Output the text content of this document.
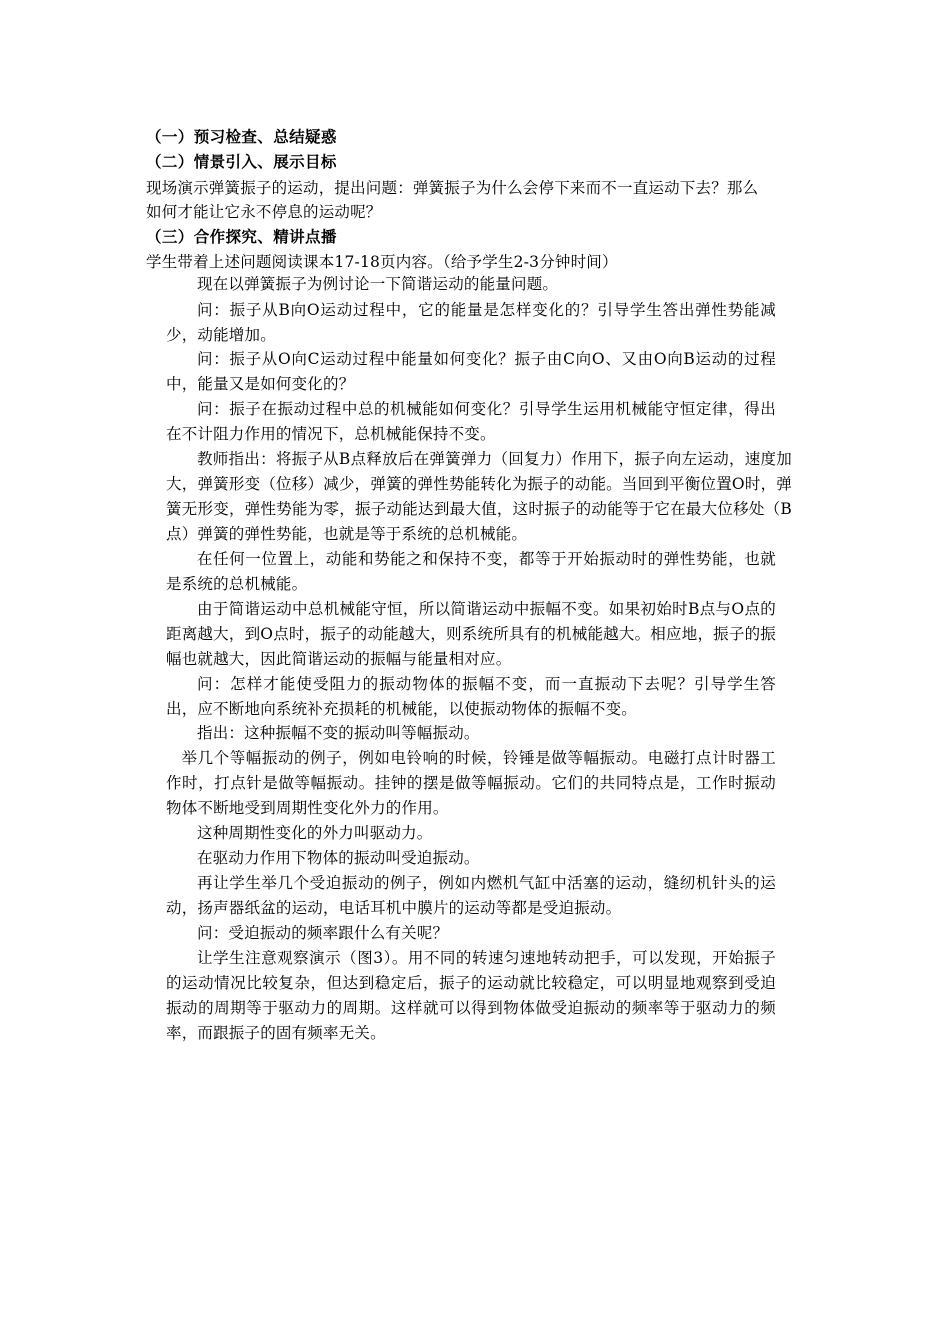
（一）预习检查、总结疑惑
（二）情景引入、展示目标
现场演示弹簧振子的运动，提出问题：弹簧振子为什么会停下来而不一直运动下去？那么
如何才能让它永不停息的运动呢？
（三）合作探究、精讲点播
学生带着上述问题阅读课本17-18页内容。（给予学生2-3分钟时间）
现在以弹簧振子为例讨论一下简谐运动的能量问题。
问：振子从B向O运动过程中，它的能量是怎样变化的？引导学生答出弹性势能减少，动能增加。
问：振子从O向C运动过程中能量如何变化？振子由C向O、又由O向B运动的过程中，能量又是如何变化的？
问：振子在振动过程中总的机械能如何变化？引导学生运用机械能守恒定律，得出在不计阻力作用的情况下，总机械能保持不变。
教师指出：将振子从B点释放后在弹簧弹力（回复力）作用下，振子向左运动，速度加大，弹簧形变（位移）减少，弹簧的弹性势能转化为振子的动能。当回到平衡位置O时，弹簧无形变，弹性势能为零，振子动能达到最大值，这时振子的动能等于它在最大位移处（B点）弹簧的弹性势能，也就是等于系统的总机械能。
在任何一位置上，动能和势能之和保持不变，都等于开始振动时的弹性势能，也就是系统的总机械能。
由于简谐运动中总机械能守恒，所以简谐运动中振幅不变。如果初始时B点与O点的距离越大，到O点时，振子的动能越大，则系统所具有的机械能越大。相应地，振子的振幅也就越大，因此简谐运动的振幅与能量相对应。
问：怎样才能使受阻力的振动物体的振幅不变，而一直振动下去呢？引导学生答出，应不断地向系统补充损耗的机械能，以使振动物体的振幅不变。
指出：这种振幅不变的振动叫等幅振动。
举几个等幅振动的例子，例如电铃响的时候，铃锤是做等幅振动。电磁打点计时器工作时，打点针是做等幅振动。挂钟的摆是做等幅振动。它们的共同特点是，工作时振动物体不断地受到周期性变化外力的作用。
这种周期性变化的外力叫驱动力。
在驱动力作用下物体的振动叫受迫振动。
再让学生举几个受迫振动的例子，例如内燃机气缸中活塞的运动，缝纫机针头的运动，扬声器纸盆的运动，电话耳机中膜片的运动等都是受迫振动。
问：受迫振动的频率跟什么有关呢？
让学生注意观察演示（图3）。用不同的转速匀速地转动把手，可以发现，开始振子的运动情况比较复杂，但达到稳定后，振子的运动就比较稳定，可以明显地观察到受迫振动的周期等于驱动力的周期。这样就可以得到物体做受迫振动的频率等于驱动力的频率，而跟振子的固有频率无关。
